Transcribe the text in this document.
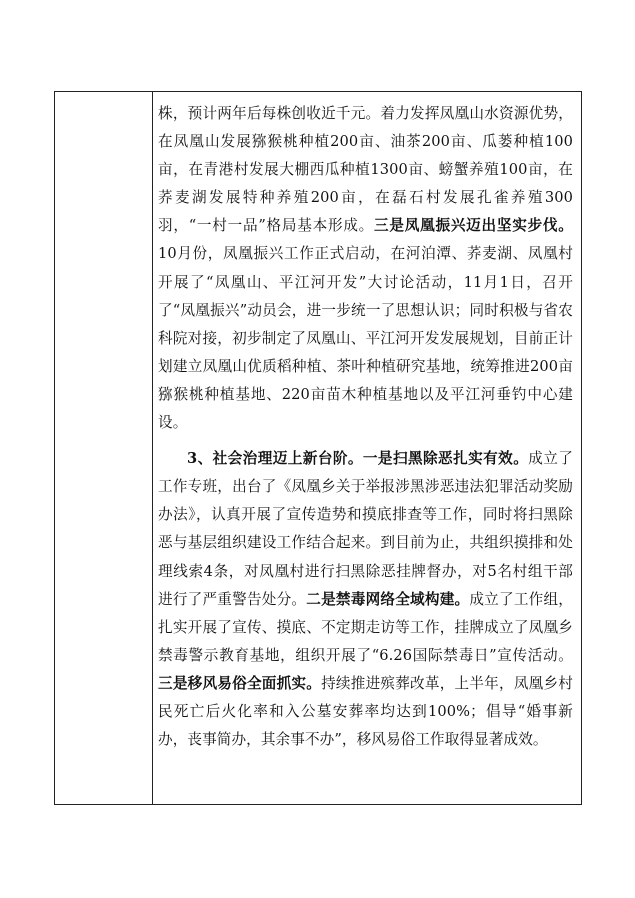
株，预计两年后每株创收近千元。着力发挥凤凰山水资源优势，在凤凰山发展猕猴桃种植200亩、油茶200亩、瓜蒌种植100亩，在青港村发展大棚西瓜种植1300亩、螃蟹养殖100亩，在荞麦湖发展特种养殖200亩，在磊石村发展孔雀养殖300羽，“一村一品”格局基本形成。三是凤凰振兴迈出坚实步伐。10月份，凤凰振兴工作正式启动，在河泊潭、荞麦湖、凤凰村开展了“凤凰山、平江河开发”大讨论活动，11月1日，召开了“凤凰振兴”动员会，进一步统一了思想认识；同时积极与省农科院对接，初步制定了凤凰山、平江河开发发展规划，目前正计划建立凤凰山优质稻种植、茶叶种植研究基地，统筹推进200亩猕猴桃种植基地、220亩苗木种植基地以及平江河垂钓中心建设。

3、社会治理迈上新台阶。一是扫黑除恶扎实有效。成立了工作专班，出台了《凤凰乡关于举报涉黑涉恶违法犯罪活动奖励办法》，认真开展了宣传造势和摸底排查等工作，同时将扫黑除恶与基层组织建设工作结合起来。到目前为止，共组织摸排和处理线索4条，对凤凰村进行扫黑除恶挂牌督办，对5名村组干部进行了严重警告处分。二是禁毒网络全域构建。成立了工作组，扎实开展了宣传、摸底、不定期走访等工作，挂牌成立了凤凰乡禁毒警示教育基地，组织开展了“6.26国际禁毒日”宣传活动。三是移风易俗全面抓实。持续推进殡葬改革，上半年，凤凰乡村民死亡后火化率和入公墓安葬率均达到100%；倡导“婚事新办，丧事简办，其余事不办”，移风易俗工作取得显著成效。
